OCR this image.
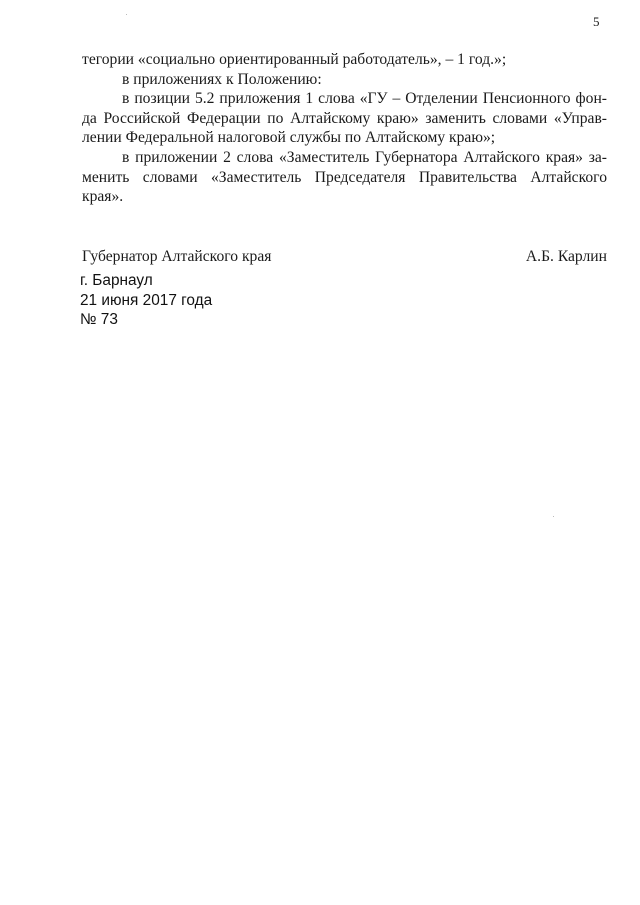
5

тегории «социально ориентированный работодатель», – 1 год.»;

в приложениях к Положению:

в позиции 5.2 приложения 1 слова «ГУ – Отделении Пенсионного фон-
да Российской Федерации по Алтайскому краю» заменить словами «Управ-
лении Федеральной налоговой службы по Алтайскому краю»;

в приложении 2 слова «Заместитель Губернатора Алтайского края» за-
менить словами «Заместитель Председателя Правительства Алтайского
края».

Губернатор Алтайского края	А.Б. Карлин
г. Барнаул
21 июня 2017 года
№ 73
